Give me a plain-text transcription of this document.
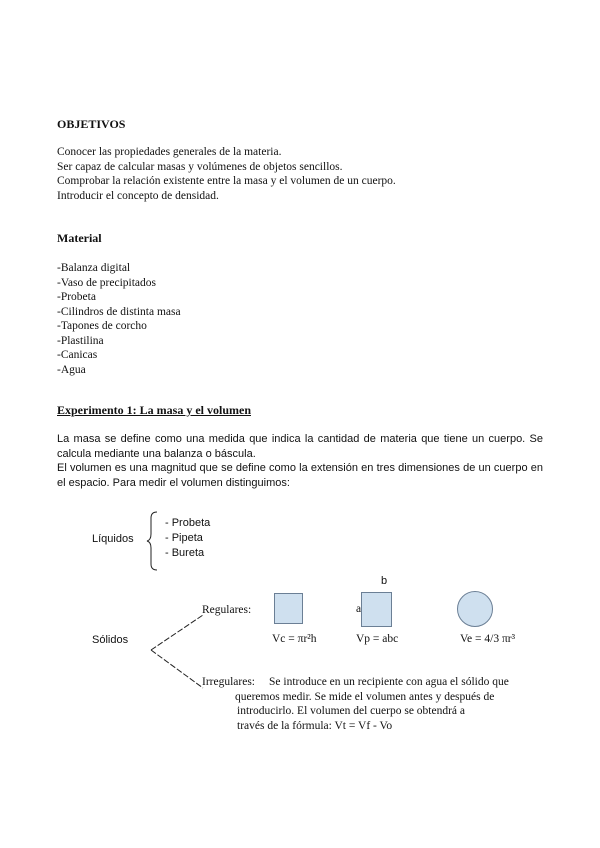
OBJETIVOS
Conocer las propiedades generales de la materia.
Ser capaz de calcular masas y volúmenes de objetos sencillos.
Comprobar la relación existente entre la masa y el volumen de un cuerpo.
Introducir el concepto de densidad.
Material
-Balanza digital
-Vaso de precipitados
-Probeta
-Cilindros de distinta masa
-Tapones de corcho
-Plastilina
-Canicas
-Agua
Experimento 1: La masa y el volumen
La masa se define como una medida que indica la cantidad de materia que tiene un cuerpo. Se calcula mediante una balanza o báscula.
El volumen es una magnitud que se define como la extensión en tres dimensiones de un cuerpo en el espacio. Para medir el volumen distinguimos:
Líquidos
- Probeta
- Pipeta
- Bureta
Sólidos
Regulares:
Vc = πr²h
b
a
Vp = abc	Ve = 4/3 πr³
Irregulares: Se introduce en un recipiente con agua el sólido que
queremos medir. Se mide el volumen antes y después de
introducirlo. El volumen del cuerpo se obtendrá a
través de la fórmula: Vt = Vf - Vo
